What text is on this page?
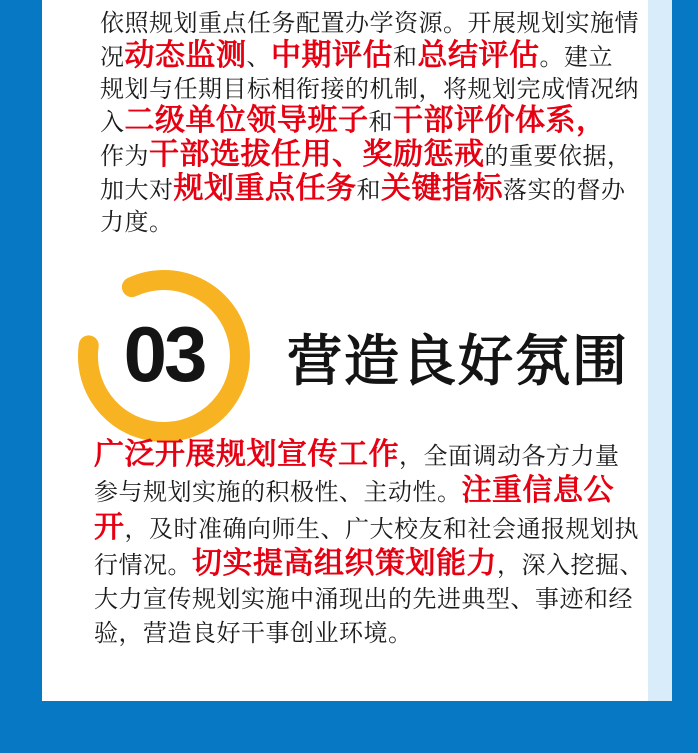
依照规划重点任务配置办学资源。开展规划实施情
况动态监测、中期评估和总结评估。建立
规划与任期目标相衔接的机制，将规划完成情况纳
入二级单位领导班子和干部评价体系，
作为干部选拔任用、奖励惩戒的重要依据，
加大对规划重点任务和关键指标落实的督办
力度。
03	营造良好氛围
广泛开展规划宣传工作，全面调动各方力量
参与规划实施的积极性、主动性。注重信息公
开，及时准确向师生、广大校友和社会通报规划执
行情况。切实提高组织策划能力，深入挖掘、
大力宣传规划实施中涌现出的先进典型、事迹和经
验，营造良好干事创业环境。
